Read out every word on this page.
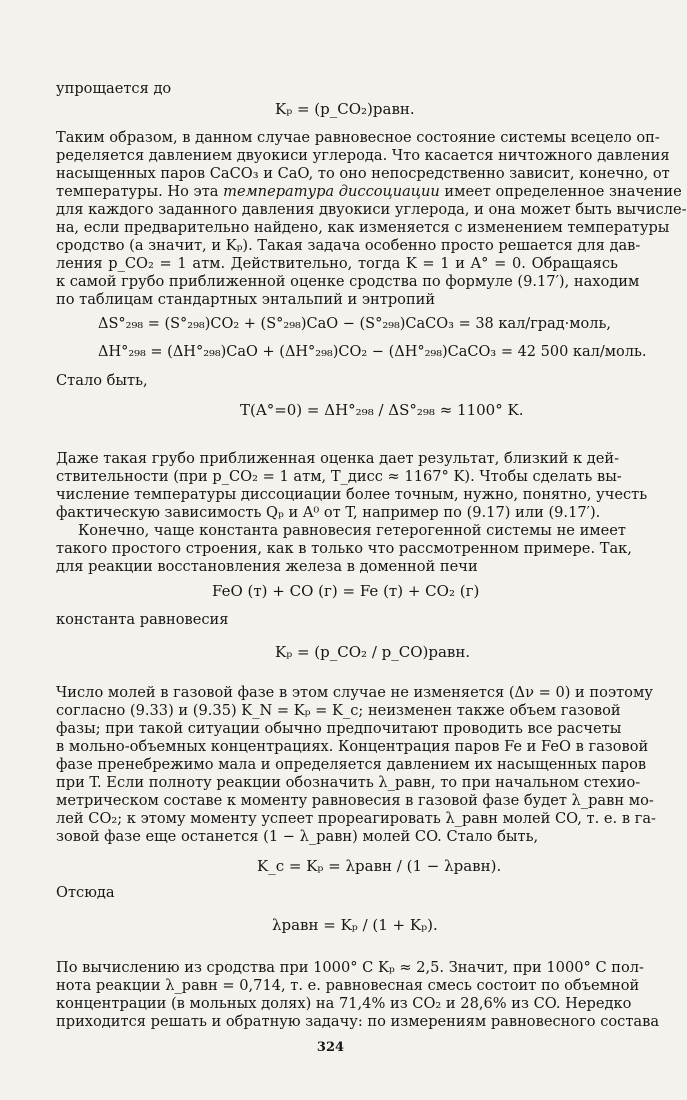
упрощается до
Kₚ = (p_CO₂)равн.
Таким образом, в данном случае равновесное состояние системы всецело оп-
ределяется давлением двуокиси углерода. Что касается ничтожного давления
насыщенных паров CaCO₃ и CaO, то оно непосредственно зависит, конечно, от
температуры. Но эта температура диссоциации имеет определенное значение
для каждого заданного давления двуокиси углерода, и она может быть вычисле-
на, если предварительно найдено, как изменяется с изменением температуры
сродство (а значит, и Kₚ). Такая задача особенно просто решается для дав-
ления p_CO₂ = 1 атм. Действительно, тогда K = 1 и A° = 0. Обращаясь
к самой грубо приближенной оценке сродства по формуле (9.17′), находим
по таблицам стандартных энтальпий и энтропий
ΔS°₂₉₈ = (S°₂₉₈)CO₂ + (S°₂₉₈)CaO − (S°₂₉₈)CaCO₃ = 38 кал/град·моль,
ΔH°₂₉₈ = (ΔH°₂₉₈)CaO + (ΔH°₂₉₈)CO₂ − (ΔH°₂₉₈)CaCO₃ = 42 500 кал/моль.
Стало быть,
T(A°=0) = ΔH°₂₉₈ / ΔS°₂₉₈ ≈ 1100° K.
Даже такая грубо приближенная оценка дает результат, близкий к дей-
ствительности (при p_CO₂ = 1 атм, T_дисс ≈ 1167° K). Чтобы сделать вы-
числение температуры диссоциации более точным, нужно, понятно, учесть
фактическую зависимость Qₚ и A⁰ от T, например по (9.17) или (9.17′).
Конечно, чаще константа равновесия гетерогенной системы не имеет
такого простого строения, как в только что рассмотренном примере. Так,
для реакции восстановления железа в доменной печи
FeO (т) + CO (г) = Fe (т) + CO₂ (г)
константа равновесия
Kₚ = (p_CO₂ / p_CO)равн.
Число молей в газовой фазе в этом случае не изменяется (Δν = 0) и поэтому
согласно (9.33) и (9.35) K_N = Kₚ = K_c; неизменен также объем газовой
фазы; при такой ситуации обычно предпочитают проводить все расчеты
в мольно-объемных концентрациях. Концентрация паров Fe и FeO в газовой
фазе пренебрежимо мала и определяется давлением их насыщенных паров
при T. Если полноту реакции обозначить λ_равн, то при начальном стехио-
метрическом составе к моменту равновесия в газовой фазе будет λ_равн мо-
лей CO₂; к этому моменту успеет прореагировать λ_равн молей CO, т. е. в га-
зовой фазе еще останется (1 − λ_равн) молей CO. Стало быть,
K_c = Kₚ = λравн / (1 − λравн).
Отсюда
λравн = Kₚ / (1 + Kₚ).
По вычислению из сродства при 1000° C Kₚ ≈ 2,5. Значит, при 1000° C пол-
нота реакции λ_равн = 0,714, т. е. равновесная смесь состоит по объемной
концентрации (в мольных долях) на 71,4% из CO₂ и 28,6% из CO. Нередко
приходится решать и обратную задачу: по измерениям равновесного состава
324
